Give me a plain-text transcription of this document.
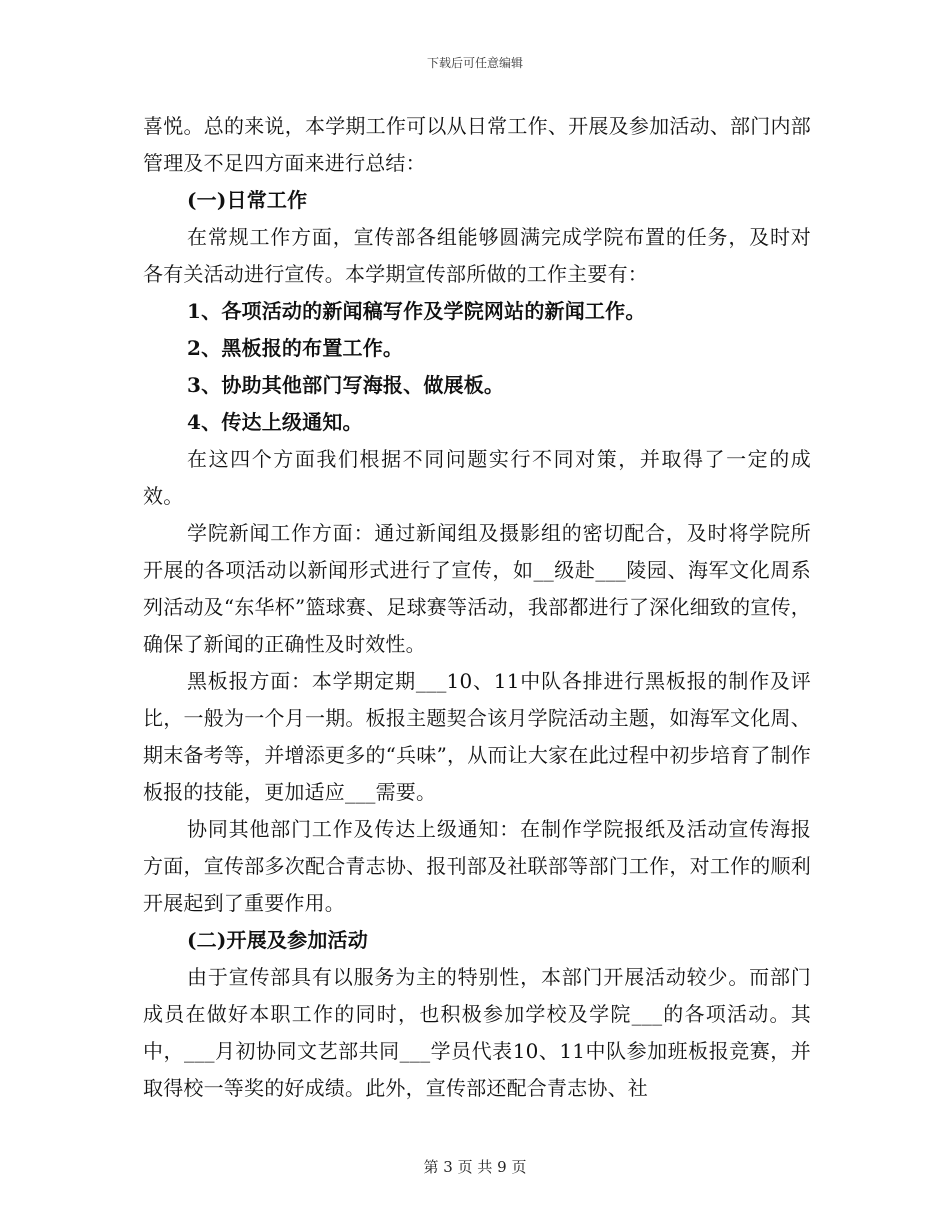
下载后可任意编辑

喜悦。总的来说，本学期工作可以从日常工作、开展及参加活动、部门内部管理及不足四方面来进行总结：

(一)日常工作

在常规工作方面，宣传部各组能够圆满完成学院布置的任务，及时对各有关活动进行宣传。本学期宣传部所做的工作主要有：

1、各项活动的新闻稿写作及学院网站的新闻工作。

2、黑板报的布置工作。

3、协助其他部门写海报、做展板。

4、传达上级通知。

在这四个方面我们根据不同问题实行不同对策，并取得了一定的成效。

学院新闻工作方面：通过新闻组及摄影组的密切配合，及时将学院所开展的各项活动以新闻形式进行了宣传，如__级赴___陵园、海军文化周系列活动及“东华杯”篮球赛、足球赛等活动，我部都进行了深化细致的宣传，确保了新闻的正确性及时效性。

黑板报方面：本学期定期___10、11中队各排进行黑板报的制作及评比，一般为一个月一期。板报主题契合该月学院活动主题，如海军文化周、期末备考等，并增添更多的“兵味”，从而让大家在此过程中初步培育了制作板报的技能，更加适应___需要。

协同其他部门工作及传达上级通知：在制作学院报纸及活动宣传海报方面，宣传部多次配合青志协、报刊部及社联部等部门工作，对工作的顺利开展起到了重要作用。

(二)开展及参加活动

由于宣传部具有以服务为主的特别性，本部门开展活动较少。而部门成员在做好本职工作的同时，也积极参加学校及学院___的各项活动。其中，___月初协同文艺部共同___学员代表10、11中队参加班板报竞赛，并取得校一等奖的好成绩。此外，宣传部还配合青志协、社

第 3 页 共 9 页
